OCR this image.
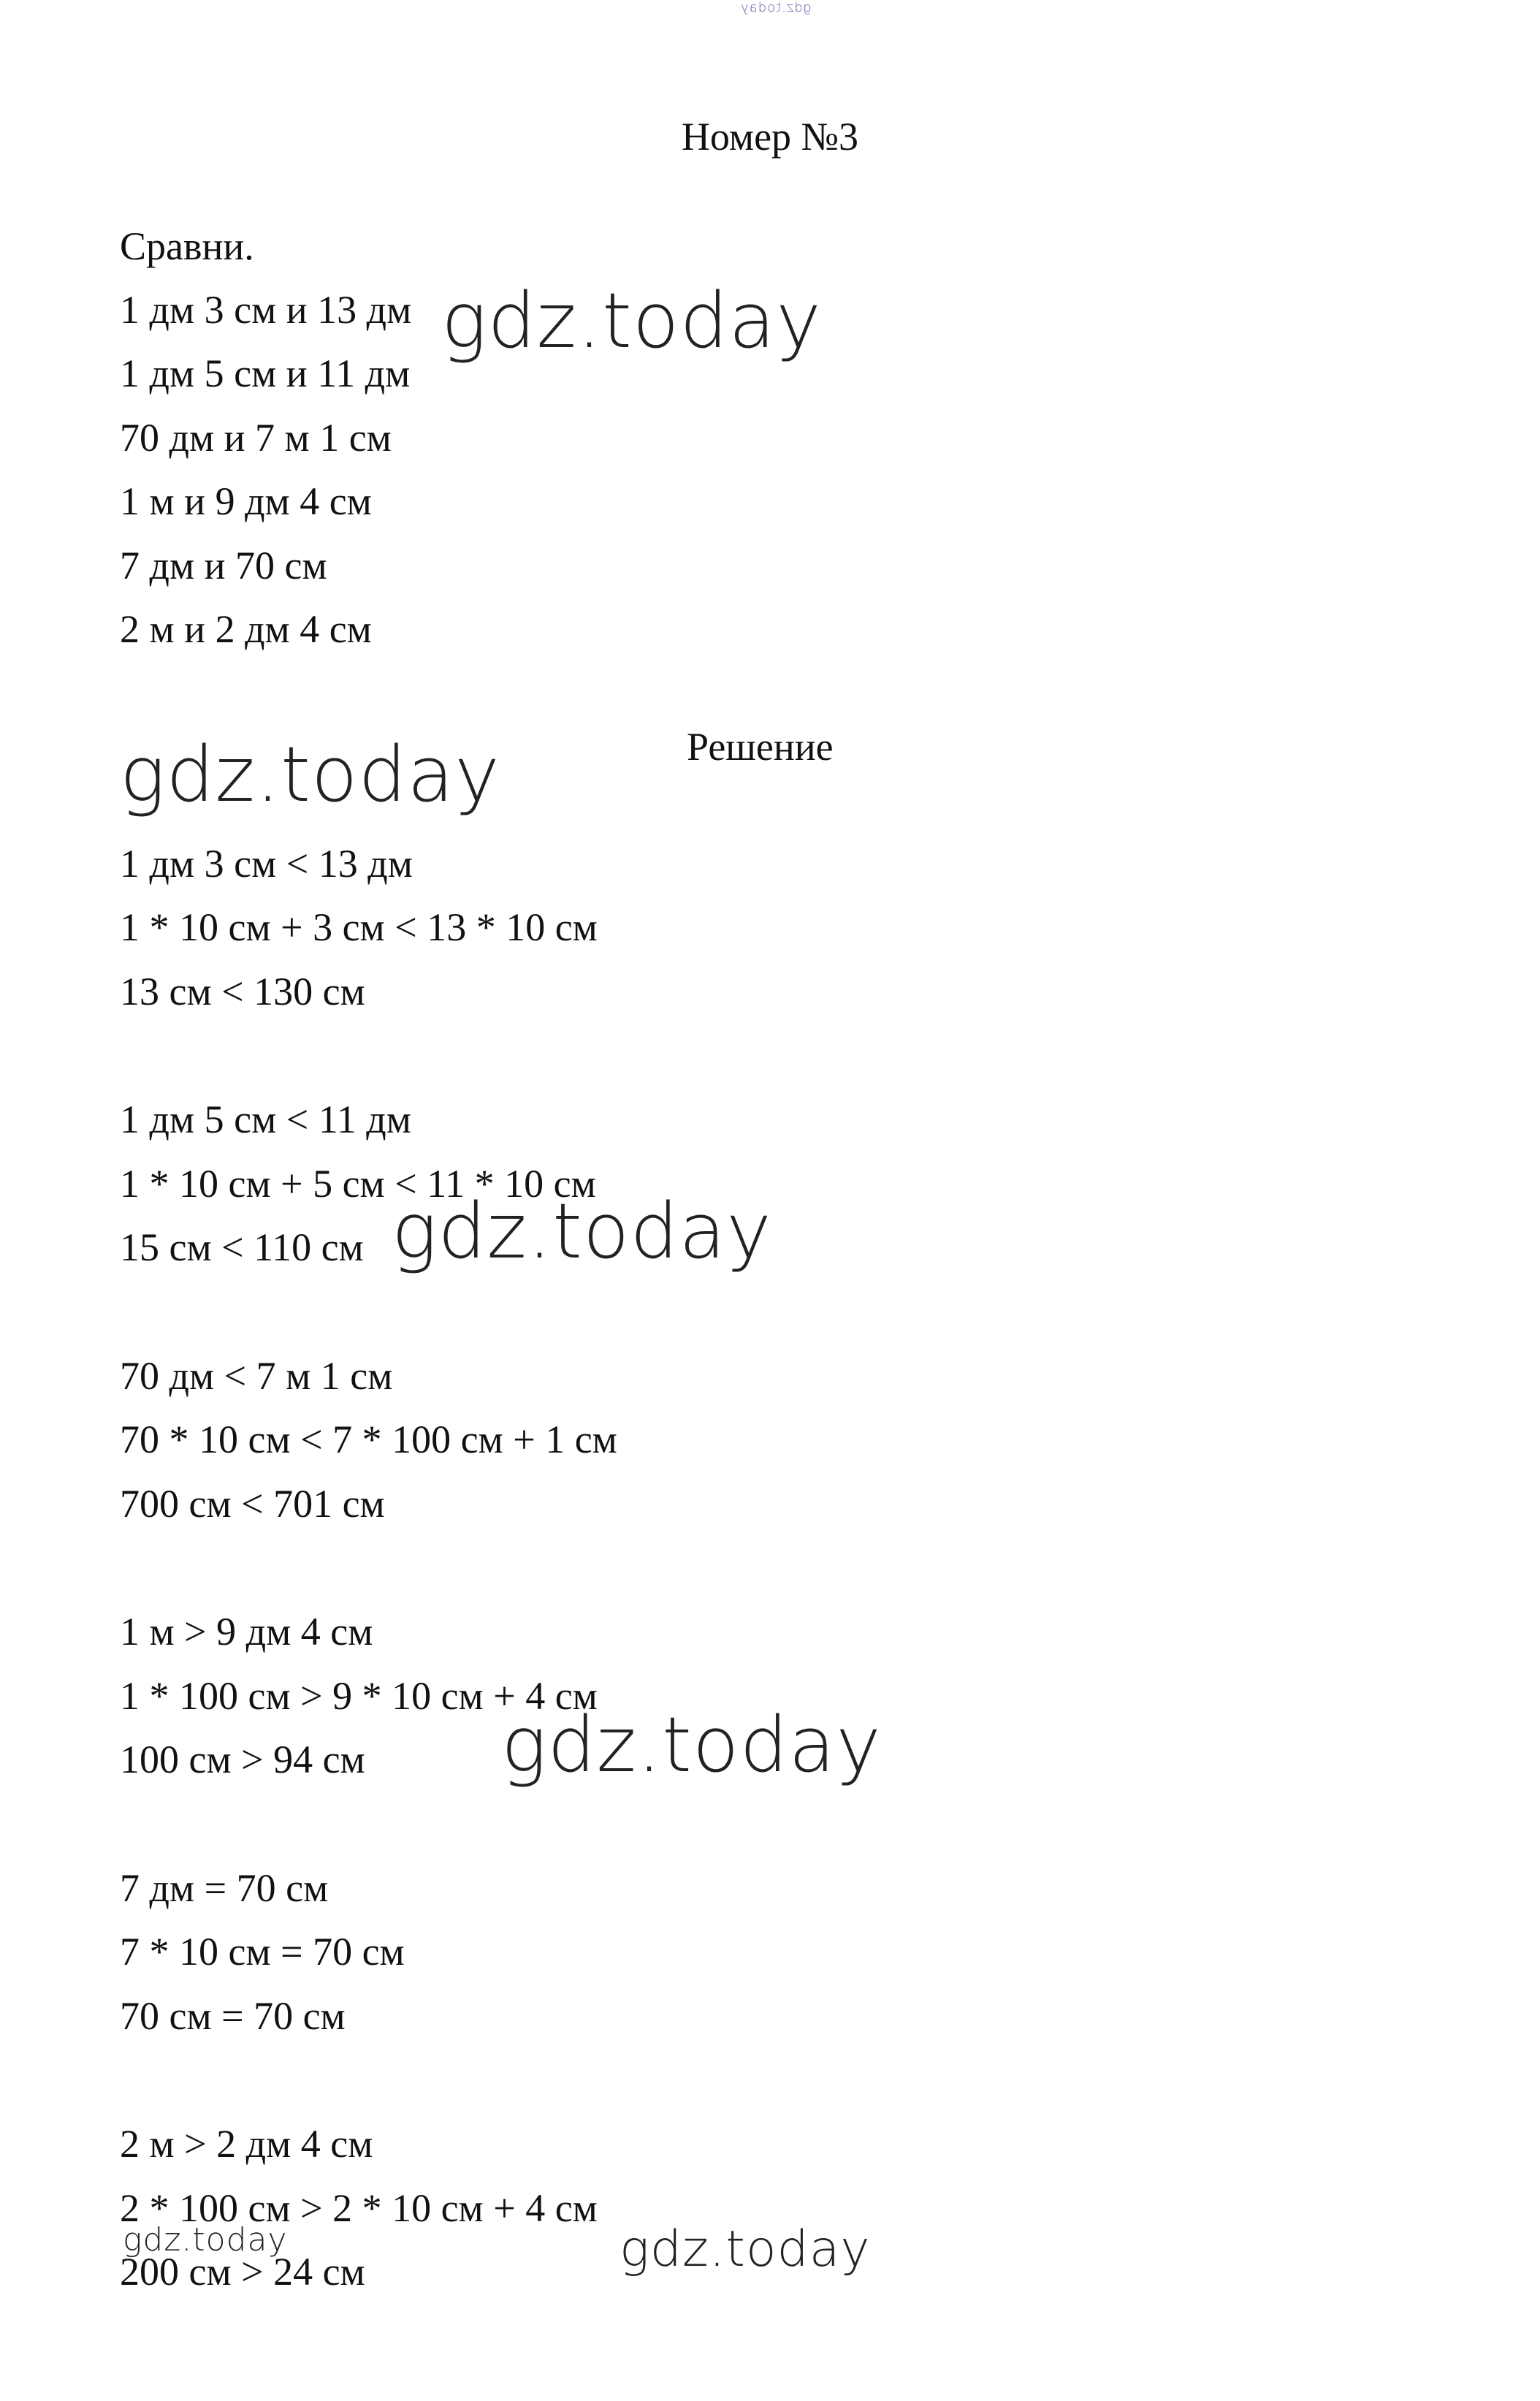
gdz.today
Номер №3
Сравни.
1 дм 3 см и 13 дм
1 дм 5 см и 11 дм
70 дм и 7 м 1 см
1 м и 9 дм 4 см
7 дм и 70 см
2 м и 2 дм 4 см
Решение
1 дм 3 см < 13 дм
1 * 10 см + 3 см < 13 * 10 см
13 см < 130 см
1 дм 5 см < 11 дм
1 * 10 см + 5 см < 11 * 10 см
15 см < 110 см
70 дм < 7 м 1 см
70 * 10 см < 7 * 100 см + 1 см
700 см < 701 см
1 м > 9 дм 4 см
1 * 100 см > 9 * 10 см + 4 см
100 см > 94 см
7 дм = 70 см
7 * 10 см = 70 см
70 см = 70 см
2 м > 2 дм 4 см
2 * 100 см > 2 * 10 см + 4 см
200 см > 24 см
gdz.today
gdz.today
gdz.today
gdz.today
gdz.today
gdz.today
